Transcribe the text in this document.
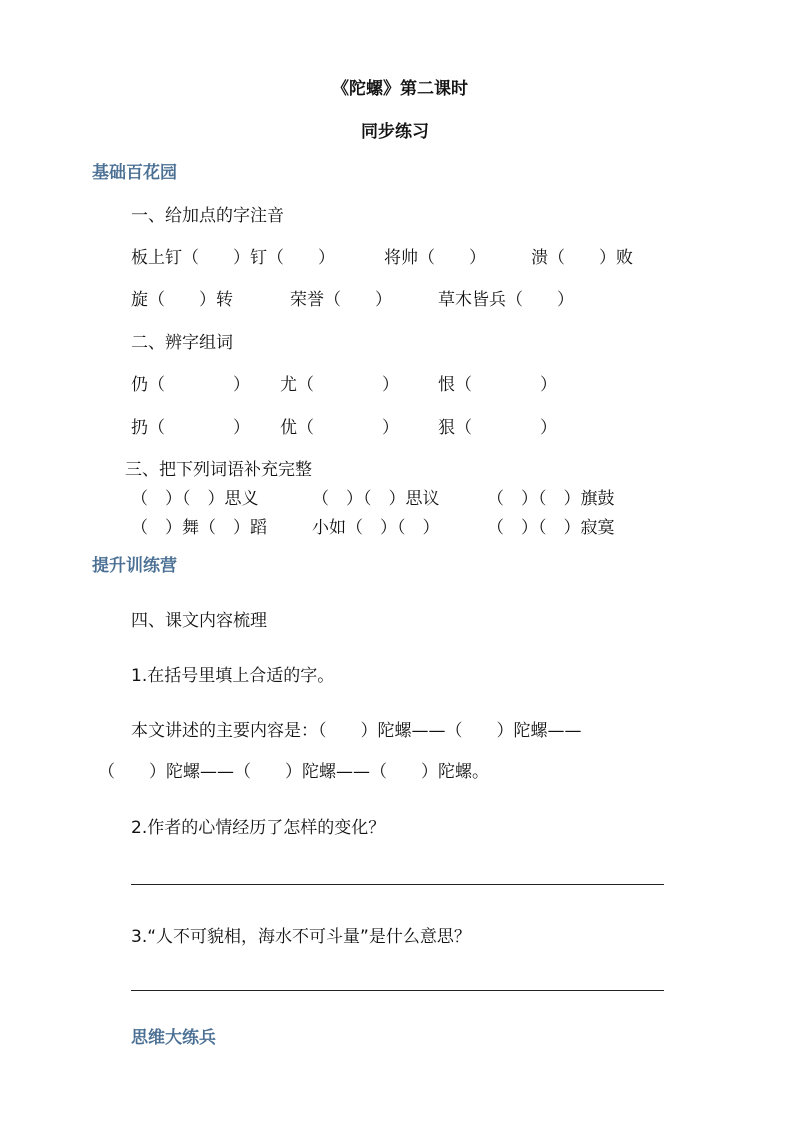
《陀螺》第二课时
同步练习
基础百花园
一、给加点的字注音
板上钉（　　）钉（　　）	将帅（　　）	溃（　　）败
旋（　　）转	荣誉（　　）	草木皆兵（　　）
二、辨字组词
仍（　　　　） 尤（　　　　） 恨（　　　　）
扔（　　　　） 优（　　　　） 狠（　　　　）
三、把下列词语补充完整
（　）（　）思义	（　）（　）思议	（　）（　）旗鼓
（　）舞（　）蹈	小如（　）（　）	（　）（　）寂寞
提升训练营
四、课文内容梳理
1.在括号里填上合适的字。
本文讲述的主要内容是：（　　）陀螺——（　　）陀螺——
（　　）陀螺——（　　）陀螺——（　　）陀螺。
2.作者的心情经历了怎样的变化？
3.“人不可貌相，海水不可斗量”是什么意思？
思维大练兵
